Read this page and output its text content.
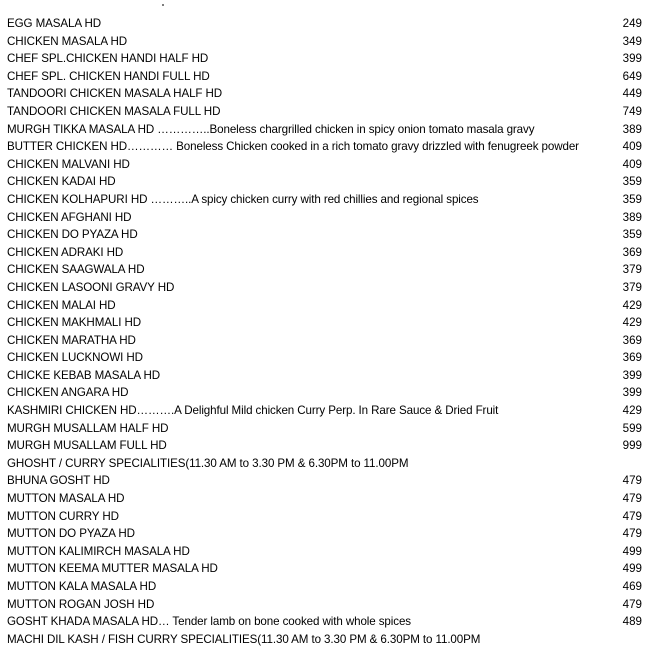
EGG MASALA HD	249
CHICKEN MASALA HD	349
CHEF SPL.CHICKEN HANDI HALF HD	399
CHEF SPL. CHICKEN HANDI FULL HD	649
TANDOORI CHICKEN MASALA HALF HD	449
TANDOORI CHICKEN MASALA FULL HD	749
MURGH TIKKA MASALA HD …………..Boneless chargrilled chicken in spicy onion tomato masala gravy	389
BUTTER CHICKEN HD………… Boneless Chicken cooked in a rich tomato gravy drizzled with fenugreek powder	409
CHICKEN MALVANI HD	409
CHICKEN KADAI HD	359
CHICKEN KOLHAPURI HD ………..A spicy chicken curry with red chillies and regional spices	359
CHICKEN AFGHANI HD	389
CHICKEN DO PYAZA HD	359
CHICKEN ADRAKI HD	369
CHICKEN SAAGWALA HD	379
CHICKEN LASOONI GRAVY HD	379
CHICKEN MALAI HD	429
CHICKEN MAKHMALI HD	429
CHICKEN MARATHA HD	369
CHICKEN LUCKNOWI HD	369
CHICKE KEBAB MASALA HD	399
CHICKEN ANGARA HD	399
KASHMIRI CHICKEN HD……….A Delighful Mild chicken Curry Perp. In Rare Sauce & Dried Fruit	429
MURGH MUSALLAM HALF HD	599
MURGH MUSALLAM FULL HD	999
GHOSHT / CURRY SPECIALITIES(11.30 AM to 3.30 PM & 6.30PM to 11.00PM
BHUNA GOSHT HD	479
MUTTON MASALA HD	479
MUTTON CURRY HD	479
MUTTON DO PYAZA HD	479
MUTTON KALIMIRCH MASALA HD	499
MUTTON KEEMA MUTTER MASALA HD	499
MUTTON KALA MASALA HD	469
MUTTON ROGAN JOSH HD	479
GOSHT KHADA MASALA HD… Tender lamb on bone cooked with whole spices	489
MACHI DIL KASH / FISH CURRY SPECIALITIES(11.30 AM to 3.30 PM & 6.30PM to 11.00PM
